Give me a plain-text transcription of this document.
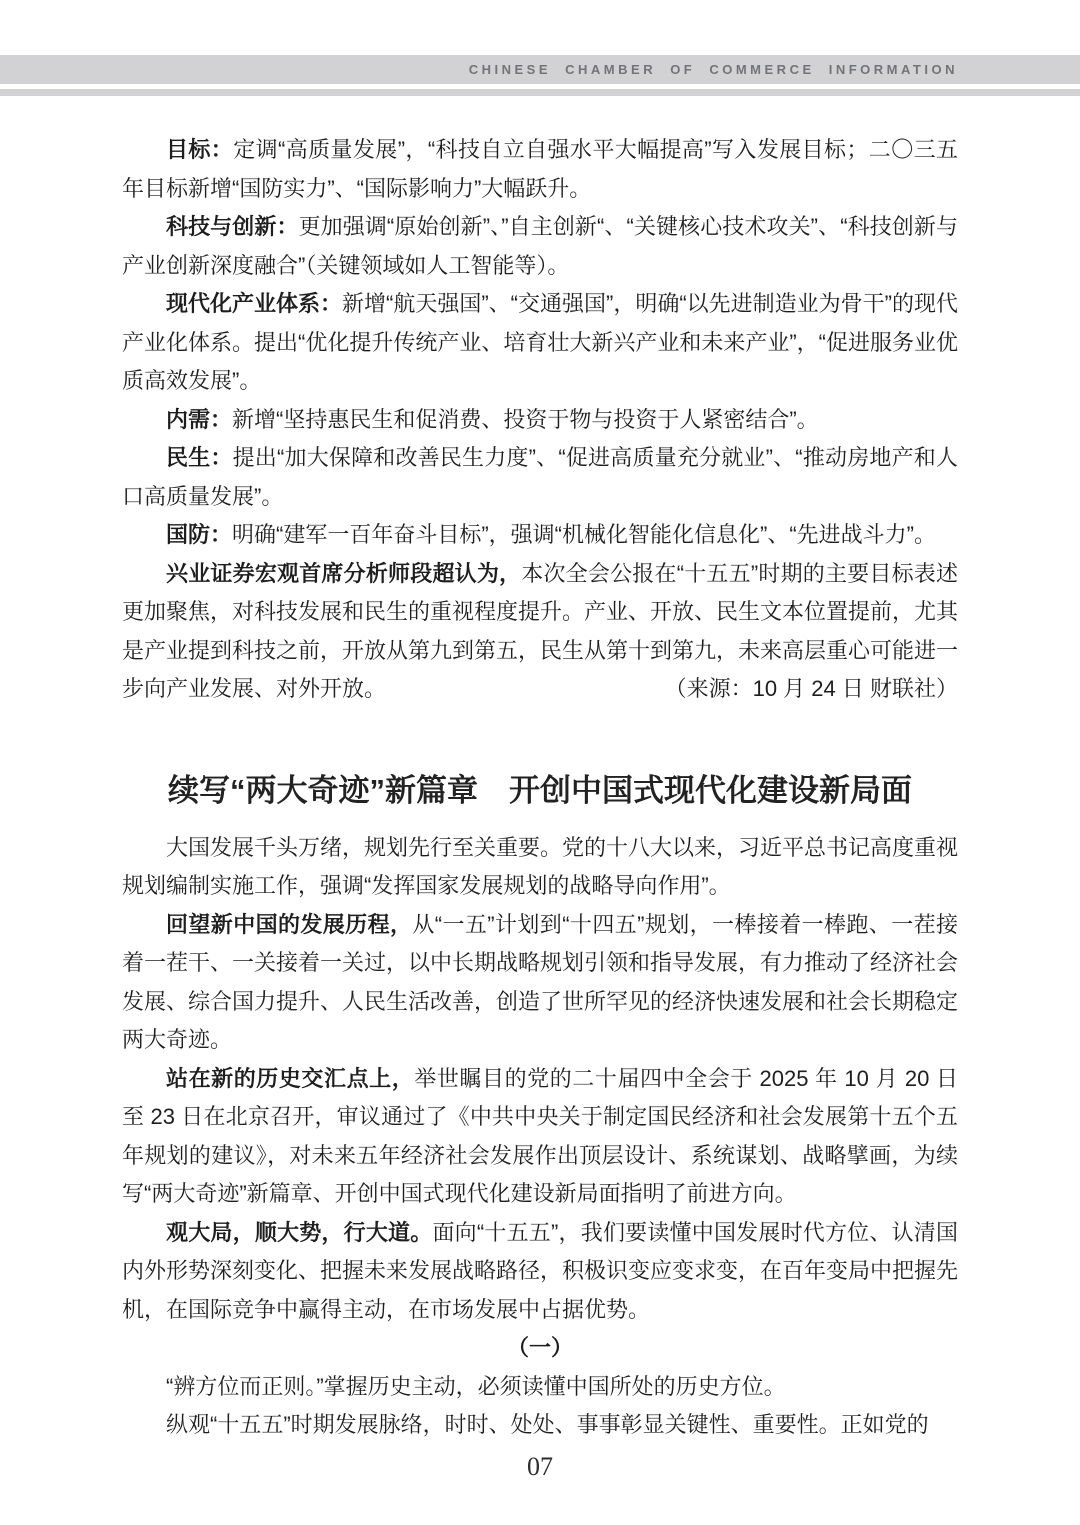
CHINESE CHAMBER OF COMMERCE INFORMATION

目标：定调“高质量发展”，“科技自立自强水平大幅提高”写入发展目标；二〇三五年目标新增“国防实力”、“国际影响力”大幅跃升。

科技与创新：更加强调“原始创新”、”自主创新“、“关键核心技术攻关”、“科技创新与产业创新深度融合”（关键领域如人工智能等）。

现代化产业体系：新增“航天强国”、“交通强国”，明确“以先进制造业为骨干”的现代产业化体系。提出“优化提升传统产业、培育壮大新兴产业和未来产业”，“促进服务业优质高效发展”。

内需：新增“坚持惠民生和促消费、投资于物与投资于人紧密结合”。

民生：提出“加大保障和改善民生力度”、“促进高质量充分就业”、“推动房地产和人口高质量发展”。

国防：明确“建军一百年奋斗目标”，强调“机械化智能化信息化”、“先进战斗力”。

兴业证券宏观首席分析师段超认为，本次全会公报在“十五五”时期的主要目标表述更加聚焦，对科技发展和民生的重视程度提升。产业、开放、民生文本位置提前，尤其是产业提到科技之前，开放从第九到第五，民生从第十到第九，未来高层重心可能进一步向产业发展、对外开放。	（来源：10 月 24 日 财联社）

续写“两大奇迹”新篇章　开创中国式现代化建设新局面

大国发展千头万绪，规划先行至关重要。党的十八大以来，习近平总书记高度重视规划编制实施工作，强调“发挥国家发展规划的战略导向作用”。

回望新中国的发展历程，从“一五”计划到“十四五”规划，一棒接着一棒跑、一茬接着一茬干、一关接着一关过，以中长期战略规划引领和指导发展，有力推动了经济社会发展、综合国力提升、人民生活改善，创造了世所罕见的经济快速发展和社会长期稳定两大奇迹。

站在新的历史交汇点上，举世瞩目的党的二十届四中全会于 2025 年 10 月 20 日至 23 日在北京召开，审议通过了《中共中央关于制定国民经济和社会发展第十五个五年规划的建议》，对未来五年经济社会发展作出顶层设计、系统谋划、战略擘画，为续写“两大奇迹”新篇章、开创中国式现代化建设新局面指明了前进方向。

观大局，顺大势，行大道。面向“十五五”，我们要读懂中国发展时代方位、认清国内外形势深刻变化、把握未来发展战略路径，积极识变应变求变，在百年变局中把握先机，在国际竞争中赢得主动，在市场发展中占据优势。

（一）

“辨方位而正则。”掌握历史主动，必须读懂中国所处的历史方位。

纵观“十五五”时期发展脉络，时时、处处、事事彰显关键性、重要性。正如党的

07
